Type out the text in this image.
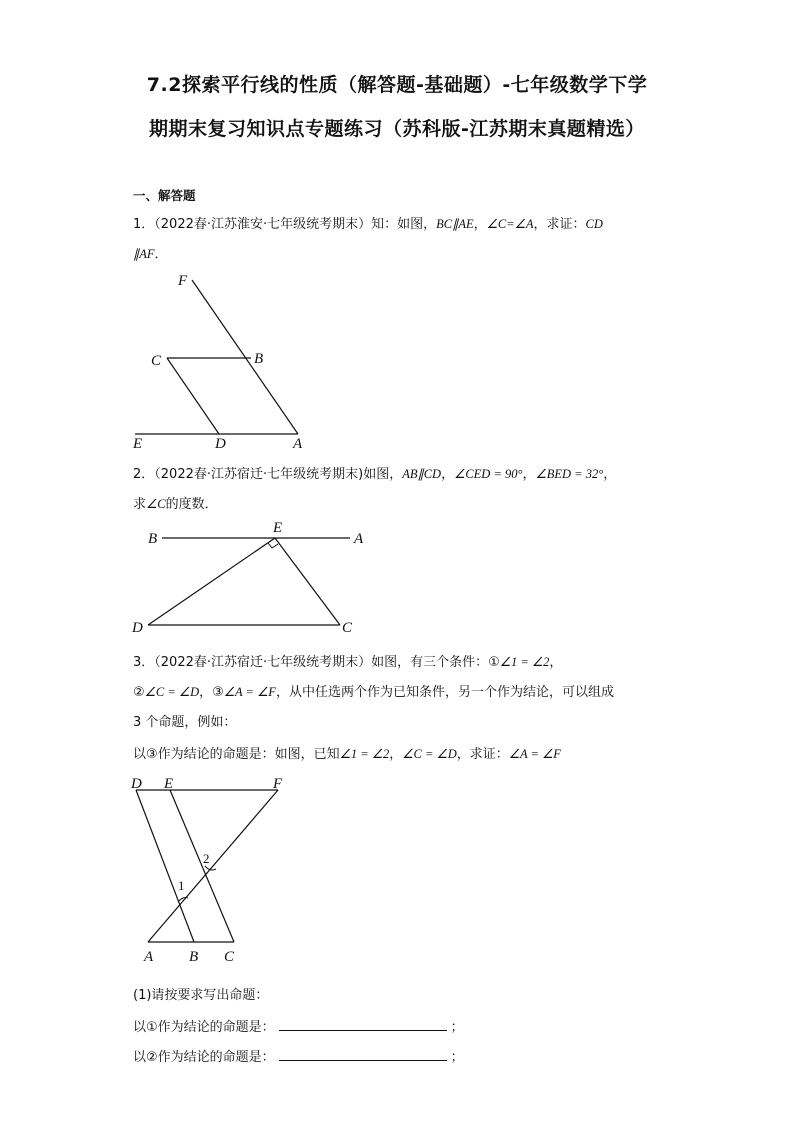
7.2探索平行线的性质（解答题-基础题）-七年级数学下学
期期末复习知识点专题练习（苏科版-江苏期末真题精选）
一、解答题
1．（2022春·江苏淮安·七年级统考期末）知：如图，BC∥AE，∠C=∠A，求证：CD
∥AF．
F
C	B
E	D	A
2．（2022春·江苏宿迁·七年级统考期末)如图，AB∥CD，∠CED = 90°，∠BED = 32°，
求∠C的度数．
B
E
A
D	C
3．（2022春·江苏宿迁·七年级统考期末）如图，有三个条件：①∠1 = ∠2，
②∠C = ∠D，③∠A = ∠F，从中任选两个作为已知条件，另一个作为结论，可以组成
3 个命题，例如：
以③作为结论的命题是：如图，已知∠1 = ∠2，∠C = ∠D，求证：∠A = ∠F
D E	F
1
2
A B C
(1)请按要求写出命题：
以①作为结论的命题是：	；
以②作为结论的命题是：	；
